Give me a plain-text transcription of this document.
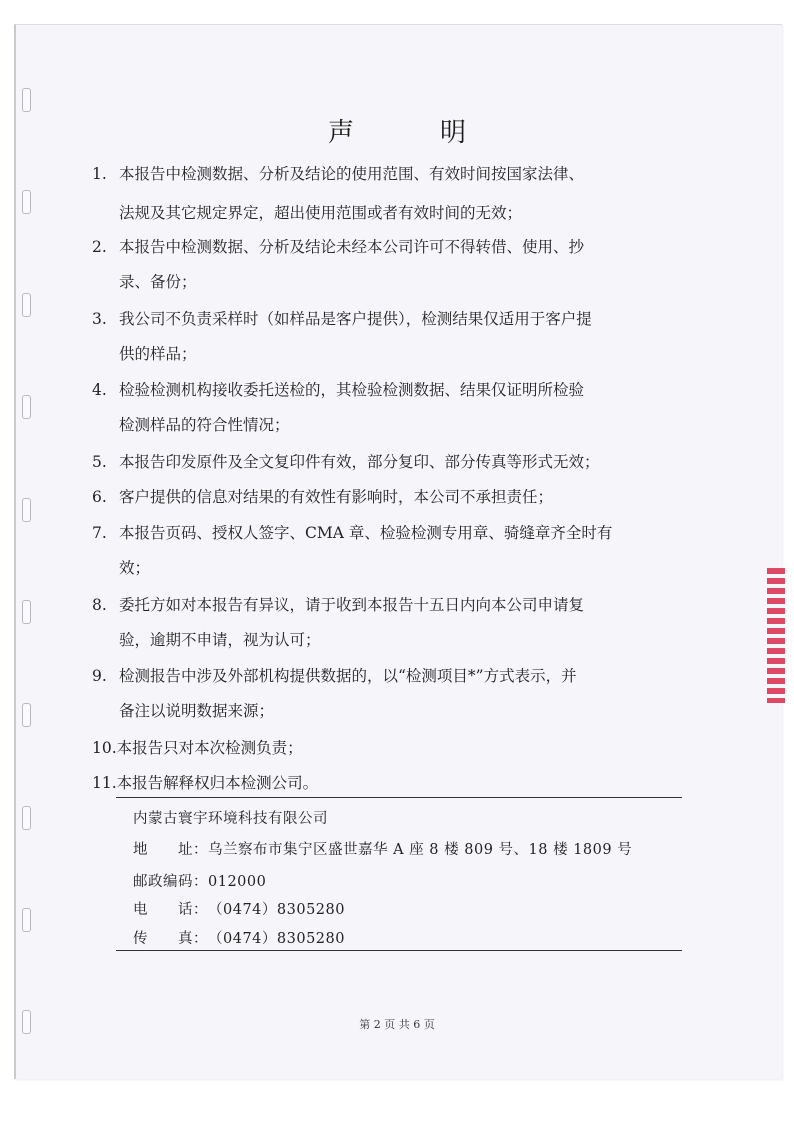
声　明
1. 本报告中检测数据、分析及结论的使用范围、有效时间按国家法律、
法规及其它规定界定，超出使用范围或者有效时间的无效；
2. 本报告中检测数据、分析及结论未经本公司许可不得转借、使用、抄
录、备份；
3. 我公司不负责采样时（如样品是客户提供），检测结果仅适用于客户提
供的样品；
4. 检验检测机构接收委托送检的，其检验检测数据、结果仅证明所检验
检测样品的符合性情况；
5. 本报告印发原件及全文复印件有效，部分复印、部分传真等形式无效；
6. 客户提供的信息对结果的有效性有影响时，本公司不承担责任；
7. 本报告页码、授权人签字、CMA 章、检验检测专用章、骑缝章齐全时有
效；
8. 委托方如对本报告有异议，请于收到本报告十五日内向本公司申请复
验，逾期不申请，视为认可；
9. 检测报告中涉及外部机构提供数据的，以“检测项目*”方式表示，并
备注以说明数据来源；
10.本报告只对本次检测负责；
11.本报告解释权归本检测公司。
内蒙古寰宇环境科技有限公司
地　　址：乌兰察布市集宁区盛世嘉华 A 座 8 楼 809 号、18 楼 1809 号
邮政编码：012000
电　　话：（0474）8305280
传　　真：（0474）8305280
第 2 页 共 6 页
